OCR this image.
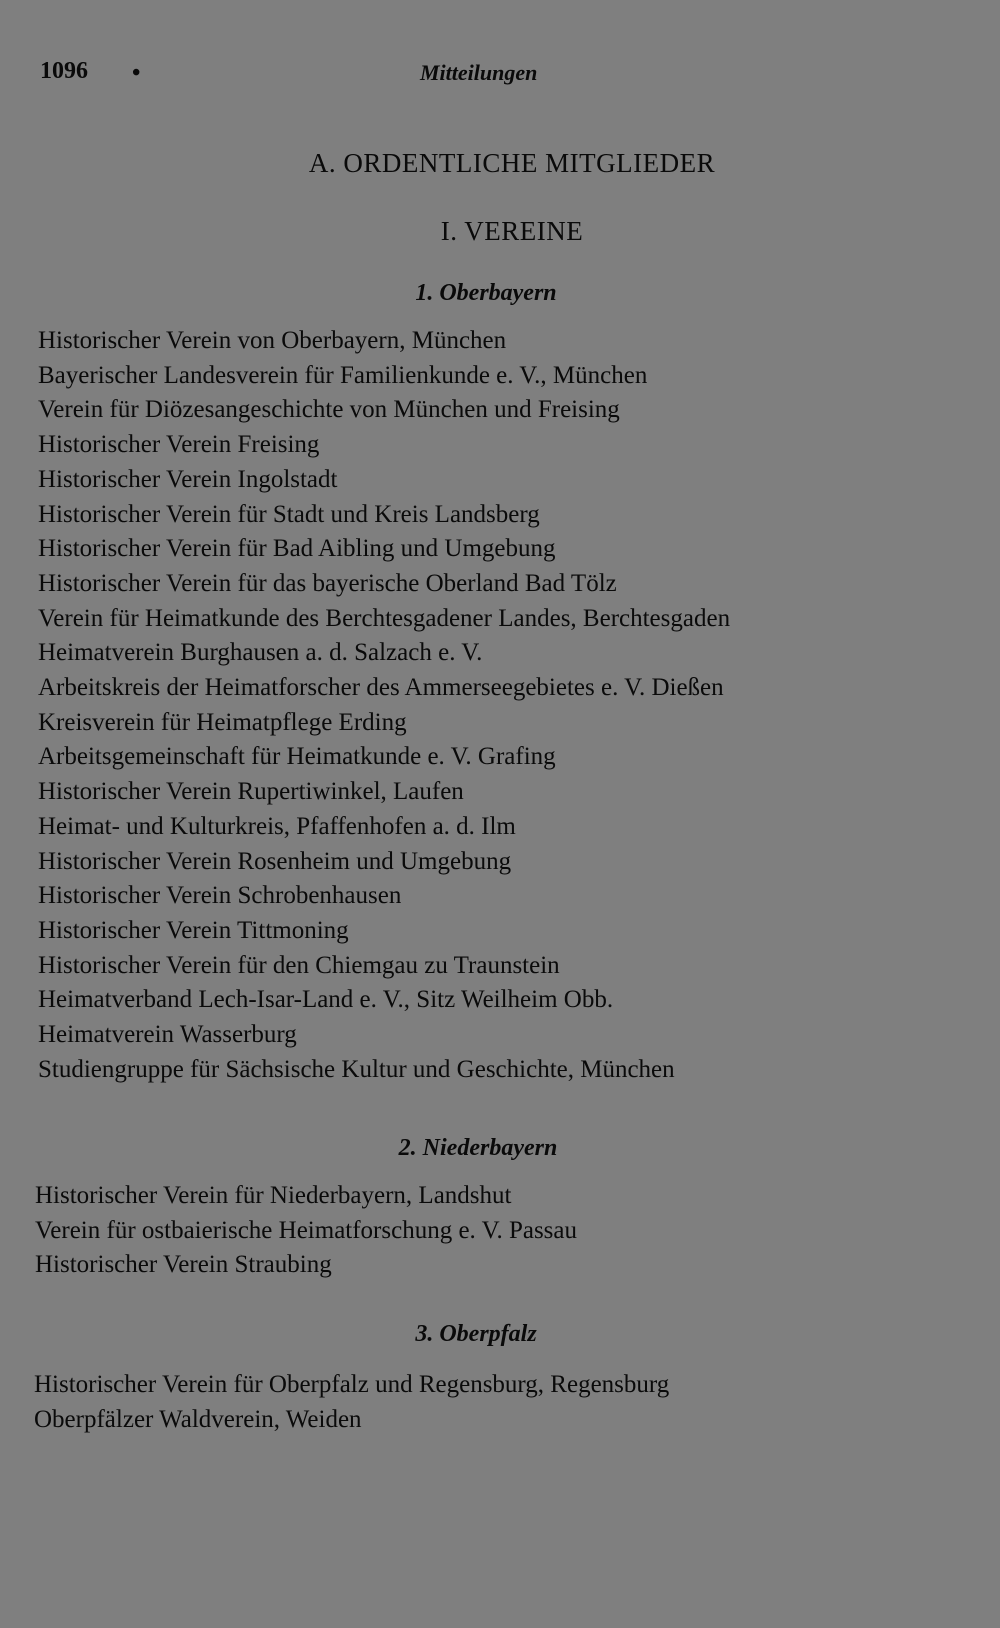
1096 •	Mitteilungen
A. ORDENTLICHE MITGLIEDER
I. VEREINE
1. Oberbayern
Historischer Verein von Oberbayern, München
Bayerischer Landesverein für Familienkunde e. V., München
Verein für Diözesangeschichte von München und Freising
Historischer Verein Freising
Historischer Verein Ingolstadt
Historischer Verein für Stadt und Kreis Landsberg
Historischer Verein für Bad Aibling und Umgebung
Historischer Verein für das bayerische Oberland Bad Tölz
Verein für Heimatkunde des Berchtesgadener Landes, Berchtesgaden
Heimatverein Burghausen a. d. Salzach e. V.
Arbeitskreis der Heimatforscher des Ammerseegebietes e. V. Dießen
Kreisverein für Heimatpflege Erding
Arbeitsgemeinschaft für Heimatkunde e. V. Grafing
Historischer Verein Rupertiwinkel, Laufen
Heimat- und Kulturkreis, Pfaffenhofen a. d. Ilm
Historischer Verein Rosenheim und Umgebung
Historischer Verein Schrobenhausen
Historischer Verein Tittmoning
Historischer Verein für den Chiemgau zu Traunstein
Heimatverband Lech-Isar-Land e. V., Sitz Weilheim Obb.
Heimatverein Wasserburg
Studiengruppe für Sächsische Kultur und Geschichte, München
2. Niederbayern
Historischer Verein für Niederbayern, Landshut
Verein für ostbaierische Heimatforschung e. V. Passau
Historischer Verein Straubing
3. Oberpfalz
Historischer Verein für Oberpfalz und Regensburg, Regensburg
Oberpfälzer Waldverein, Weiden
